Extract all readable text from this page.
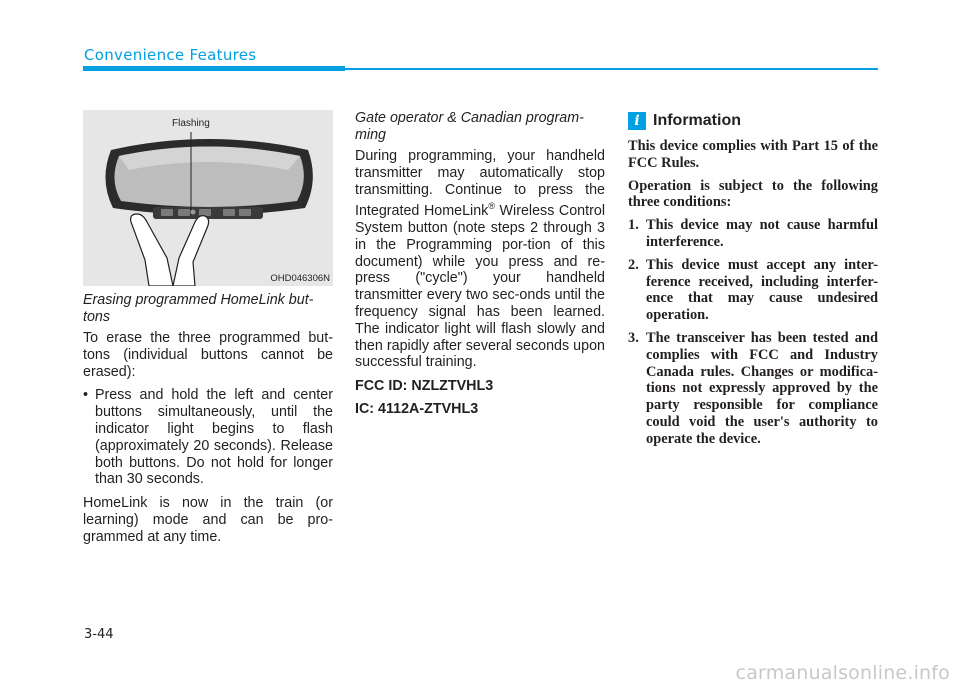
Convenience Features
Flashing
OHD046306N

Erasing programmed HomeLink but-tons

To erase the three programmed but-tons (individual buttons cannot be erased):

• Press and hold the left and center buttons simultaneously, until the indicator light begins to flash (approximately 20 seconds). Release both buttons. Do not hold for longer than 30 seconds.

HomeLink is now in the train (or learning) mode and can be pro-grammed at any time.

Gate operator & Canadian program-ming

During programming, your handheld transmitter may automatically stop transmitting. Continue to press the Integrated HomeLink® Wireless Control System button (note steps 2 through 3 in the Programming por-tion of this document) while you press and re-press ("cycle") your handheld transmitter every two sec-onds until the frequency signal has been learned. The indicator light will flash slowly and then rapidly after several seconds upon successful training.

FCC ID: NZLZTVHL3

IC: 4112A-ZTVHL3

i Information

This device complies with Part 15 of the FCC Rules.

Operation is subject to the following three conditions:

1. This device may not cause harmful interference.
2. This device must accept any inter-ference received, including interfer-ence that may cause undesired operation.
3. The transceiver has been tested and complies with FCC and Industry Canada rules. Changes or modifica-tions not expressly approved by the party responsible for compliance could void the user's authority to operate the device.
3-44
carmanualsonline.info
